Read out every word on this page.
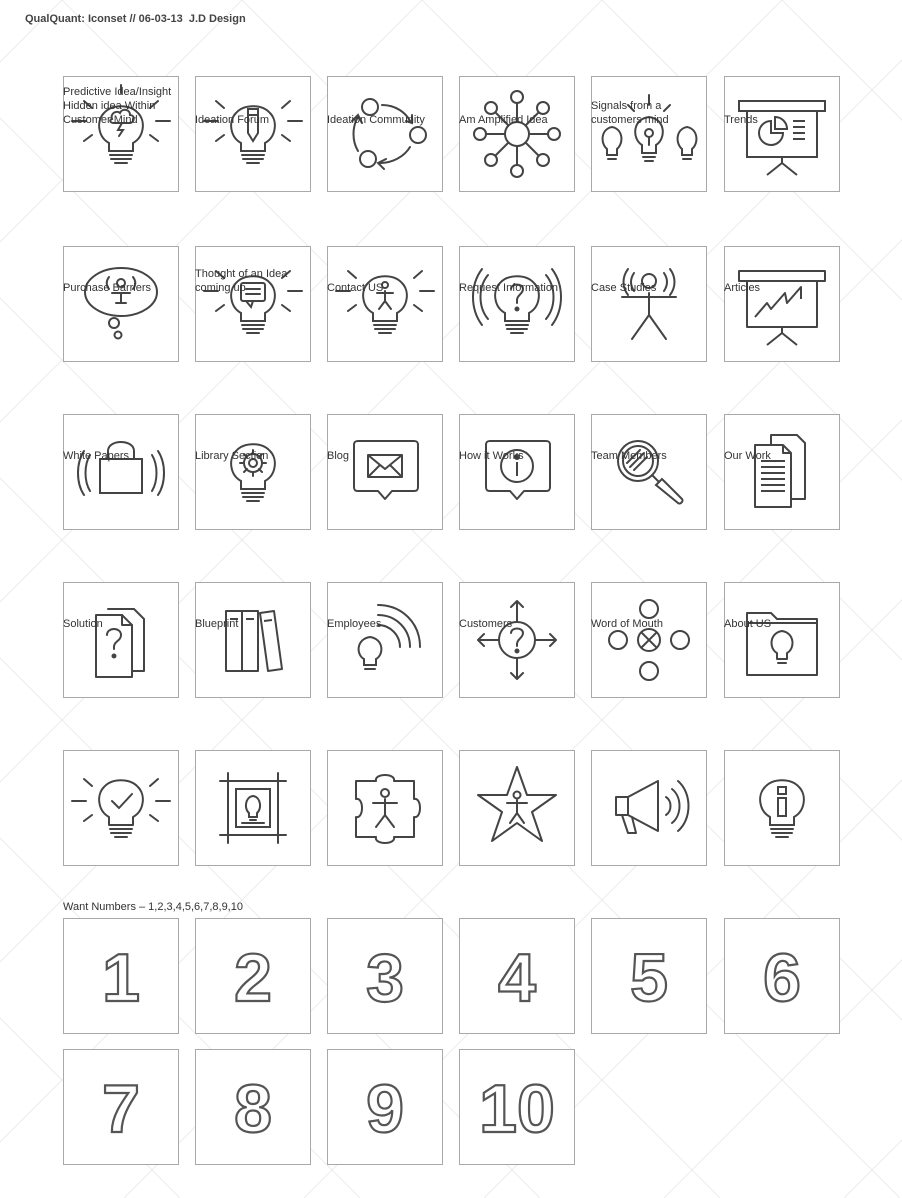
QualQuant: Iconset // 06-03-13  J.D Design
Predictive Idea/Insight
Hidden idea Within
Customer Mind	Ideation Forum	Ideation Community	Am Amplified Idea
Signals from a
customers mind	Trends
Purchase Barriers
Thought of an Idea
coming up	Contact US	Request Information	Case Studies	Articles
White Papers	Library Section	Blog	How it Works	Team Members	Our Work
Solution	Blueprint	Employees	Customers	Word of Mouth	About US
Want Numbers – 1,2,3,4,5,6,7,8,9,10
1 2 3 4 5 6
7 8 9 10
